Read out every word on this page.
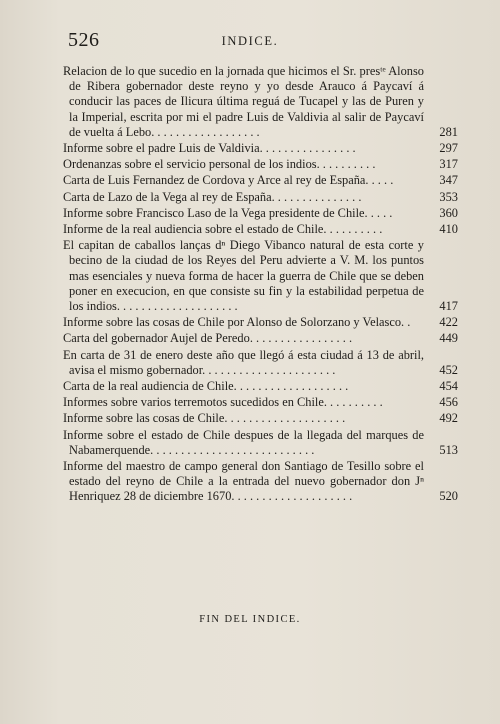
526	INDICE.
Relacion de lo que sucedio en la jornada que hicimos el Sr. presᵗᵉ Alonso de Ribera gobernador deste reyno y yo desde Arauco á Paycaví á conducir las paces de Ilicura última reguá de Tucapel y las de Puren y la Imperial, escrita por mi el padre Luis de Valdivia al salir de Paycaví de vuelta á Lebo. . . . . . . . . . . . . . . . . .	281
Informe sobre el padre Luis de Valdivia. . . . . . . . . . . . . . . .	297
Ordenanzas sobre el servicio personal de los indios. . . . . . . . . .	317
Carta de Luis Fernandez de Cordova y Arce al rey de España. . . . .	347
Carta de Lazo de la Vega al rey de España. . . . . . . . . . . . . . .	353
Informe sobre Francisco Laso de la Vega presidente de Chile. . . . .	360
Informe de la real audiencia sobre el estado de Chile. . . . . . . . . .	410
El capitan de caballos lanças dⁿ Diego Vibanco natural de esta corte y becino de la ciudad de los Reyes del Peru advierte a V. M. los puntos mas esenciales y nueva forma de hacer la guerra de Chile que se deben poner en execucion, en que consiste su fin y la estabilidad perpetua de los indios. . . . . . . . . . . . . . . . . . . .	417
Informe sobre las cosas de Chile por Alonso de Solorzano y Velasco. .	422
Carta del gobernador Aujel de Peredo. . . . . . . . . . . . . . . . .	449
En carta de 31 de enero deste año que llegó á esta ciudad á 13 de abril, avisa el mismo gobernador. . . . . . . . . . . . . . . . . . . . . .	452
Carta de la real audiencia de Chile. . . . . . . . . . . . . . . . . . .	454
Informes sobre varios terremotos sucedidos en Chile. . . . . . . . . .	456
Informe sobre las cosas de Chile. . . . . . . . . . . . . . . . . . . .	492
Informe sobre el estado de Chile despues de la llegada del marques de Nabamerquende. . . . . . . . . . . . . . . . . . . . . . . . . . .	513
Informe del maestro de campo general don Santiago de Tesillo sobre el estado del reyno de Chile a la entrada del nuevo gobernador don Jⁿ Henriquez 28 de diciembre 1670. . . . . . . . . . . . . . . . . . . .	520
FIN DEL INDICE.
